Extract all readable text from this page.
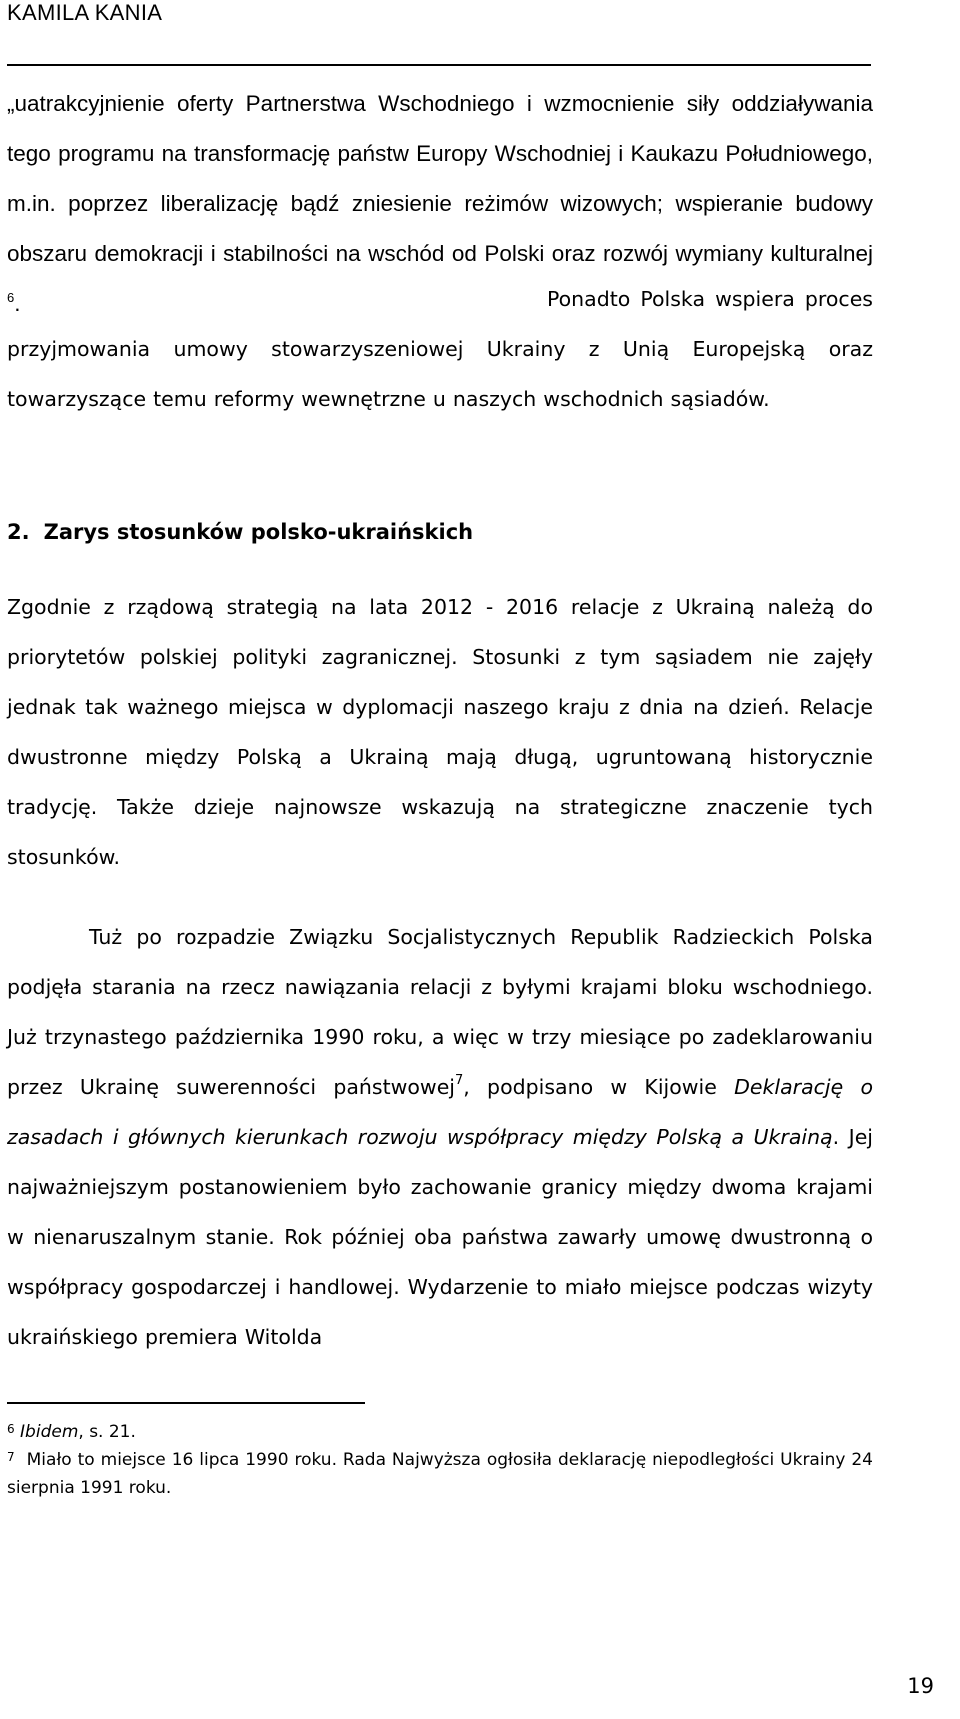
KAMILA KANIA

„uatrakcyjnienie oferty Partnerstwa Wschodniego i wzmocnienie siły oddziaływania tego programu na transformację państw Europy Wschodniej i Kaukazu Południowego, m.in. poprzez liberalizację bądź zniesienie reżimów wizowych; wspieranie budowy obszaru demokracji i stabilności na wschód od Polski oraz rozwój wymiany kulturalnej $^6$.	Ponadto Polska wspiera proces przyjmowania umowy stowarzyszeniowej Ukrainy z Unią Europejską oraz towarzyszące temu reformy wewnętrzne u naszych wschodnich sąsiadów.

2. Zarys stosunków polsko-ukraińskich

Zgodnie z rządową strategią na lata 2012 - 2016 relacje z Ukrainą należą do priorytetów polskiej polityki zagranicznej. Stosunki z tym sąsiadem nie zajęły jednak tak ważnego miejsca w dyplomacji naszego kraju z dnia na dzień. Relacje dwustronne między Polską a Ukrainą mają długą, ugruntowaną historycznie tradycję. Także dzieje najnowsze wskazują na strategiczne znaczenie tych stosunków.

Tuż po rozpadzie Związku Socjalistycznych Republik Radzieckich Polska podjęła starania na rzecz nawiązania relacji z byłymi krajami bloku wschodniego. Już trzynastego października 1990 roku, a więc w trzy miesiące po zadeklarowaniu przez Ukrainę suwerenności państwowej$^7$, podpisano w Kijowie Deklarację o zasadach i głównych kierunkach rozwoju współpracy między Polską a Ukrainą. Jej najważniejszym postanowieniem było zachowanie granicy między dwoma krajami w nienaruszalnym stanie. Rok później oba państwa zawarły umowę dwustronną o współpracy gospodarczej i handlowej. Wydarzenie to miało miejsce podczas wizyty ukraińskiego premiera Witolda

$^6$ Ibidem, s. 21.
$^7$ Miało to miejsce 16 lipca 1990 roku. Rada Najwyższa ogłosiła deklarację niepodległości Ukrainy 24 sierpnia 1991 roku.
19
